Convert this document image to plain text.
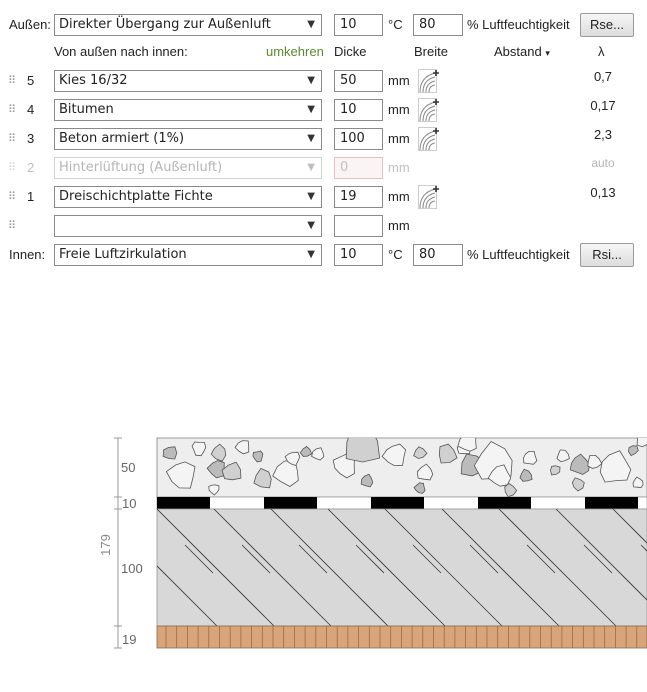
Außen: Direkter Übergang zur Außenluft	▼	10	°C	80	% Luftfeuchtigkeit	Rse...
Von außen nach innen:	umkehren Dicke	Breite	Abstand ▾	λ
⠿ 5	Kies 16/32	▼	50	mm	0,7
⠿ 4	Bitumen	▼	10	mm	0,17
⠿ 3	Beton armiert (1%)	▼	100	mm	2,3
⠿ 2	Hinterlüftung (Außenluft)	▼	0	mm	auto
⠿ 1	Dreischichtplatte Fichte	▼	19	mm	0,13
⠿	▼	mm
Innen:	Freie Luftzirkulation	▼	10	°C	80	% Luftfeuchtigkeit	Rsi...
50
10
100
19
179
